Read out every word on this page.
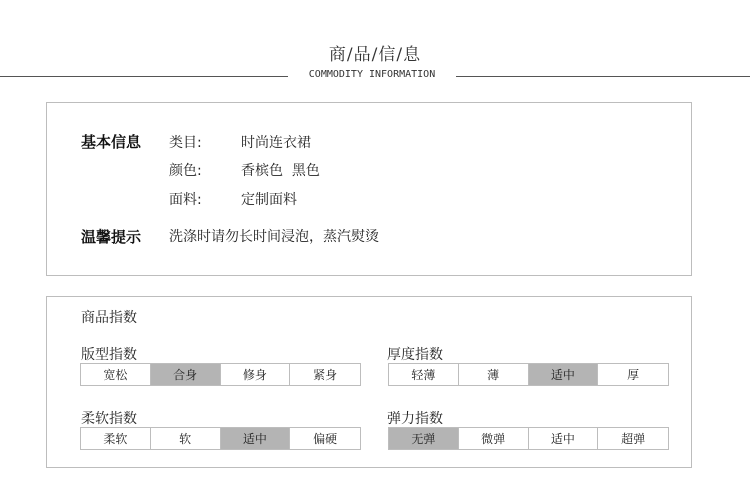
商/品/信/息
COMMODITY INFORMATION
基本信息 类目:	时尚连衣裙
颜色:	香槟色  黑色
面料:	定制面料
温馨提示 洗涤时请勿长时间浸泡，蒸汽熨烫
商品指数
版型指数
宽松	合身	修身	紧身
厚度指数
轻薄	薄	适中	厚
柔软指数
柔软	软	适中	偏硬
弹力指数
无弹	微弹	适中	超弹
